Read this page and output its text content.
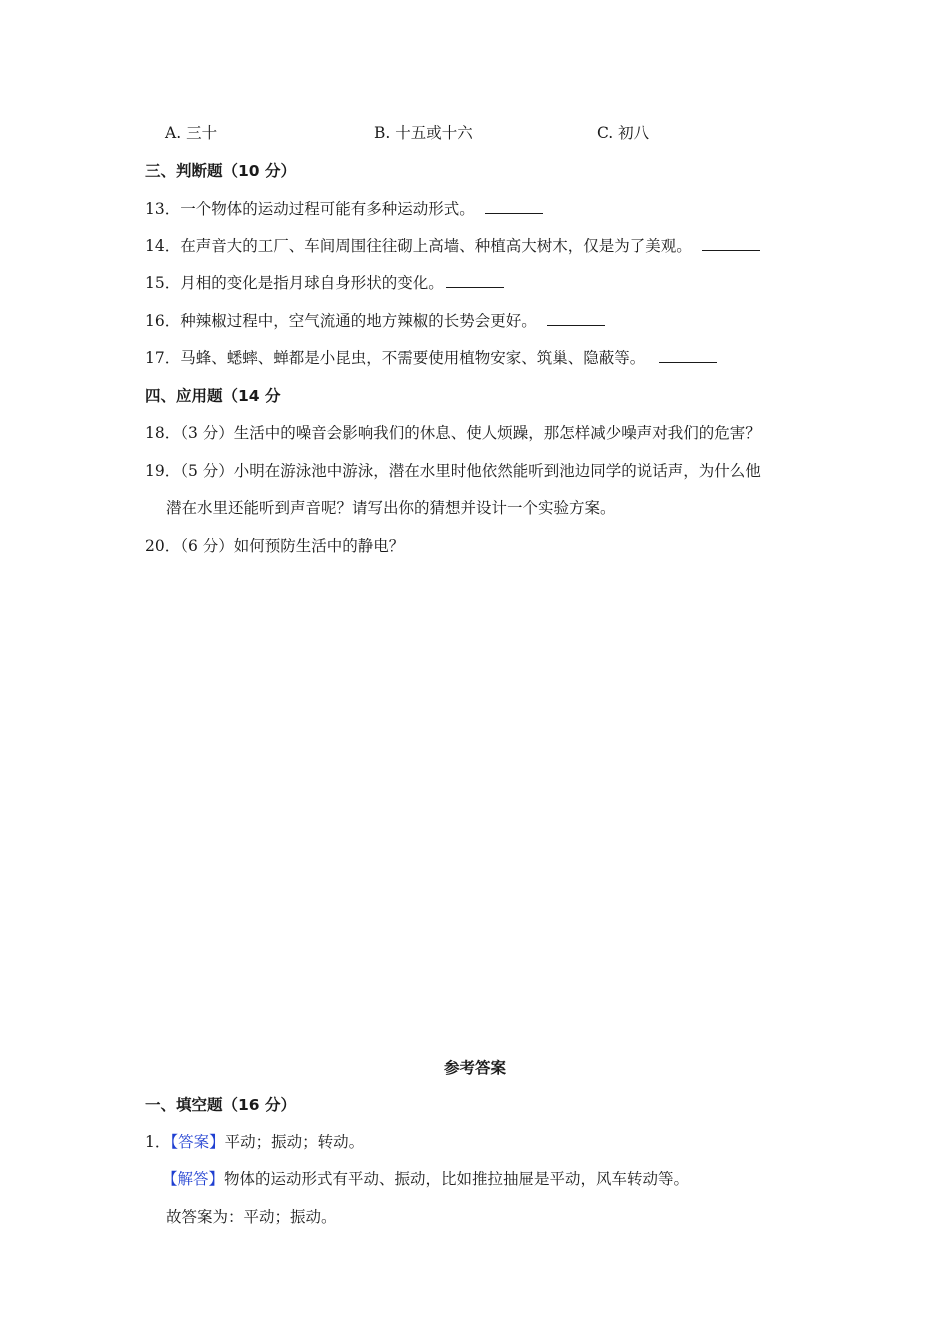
A. 三十	B. 十五或十六	C. 初八
三、判断题（10 分）
13．一个物体的运动过程可能有多种运动形式。
14．在声音大的工厂、车间周围往往砌上高墙、种植高大树木，仅是为了美观。
15．月相的变化是指月球自身形状的变化。
16．种辣椒过程中，空气流通的地方辣椒的长势会更好。
17．马蜂、蟋蟀、蝉都是小昆虫，不需要使用植物安家、筑巢、隐蔽等。
四、应用题（14 分
18．（3 分）生活中的噪音会影响我们的休息、使人烦躁，那怎样减少噪声对我们的危害？
19．（5 分）小明在游泳池中游泳，潜在水里时他依然能听到池边同学的说话声，为什么他
潜在水里还能听到声音呢？请写出你的猜想并设计一个实验方案。
20．（6 分）如何预防生活中的静电？
参考答案
一、填空题（16 分）
1．【答案】平动；振动；转动。
【解答】物体的运动形式有平动、振动，比如推拉抽屉是平动，风车转动等。
故答案为：平动；振动。
